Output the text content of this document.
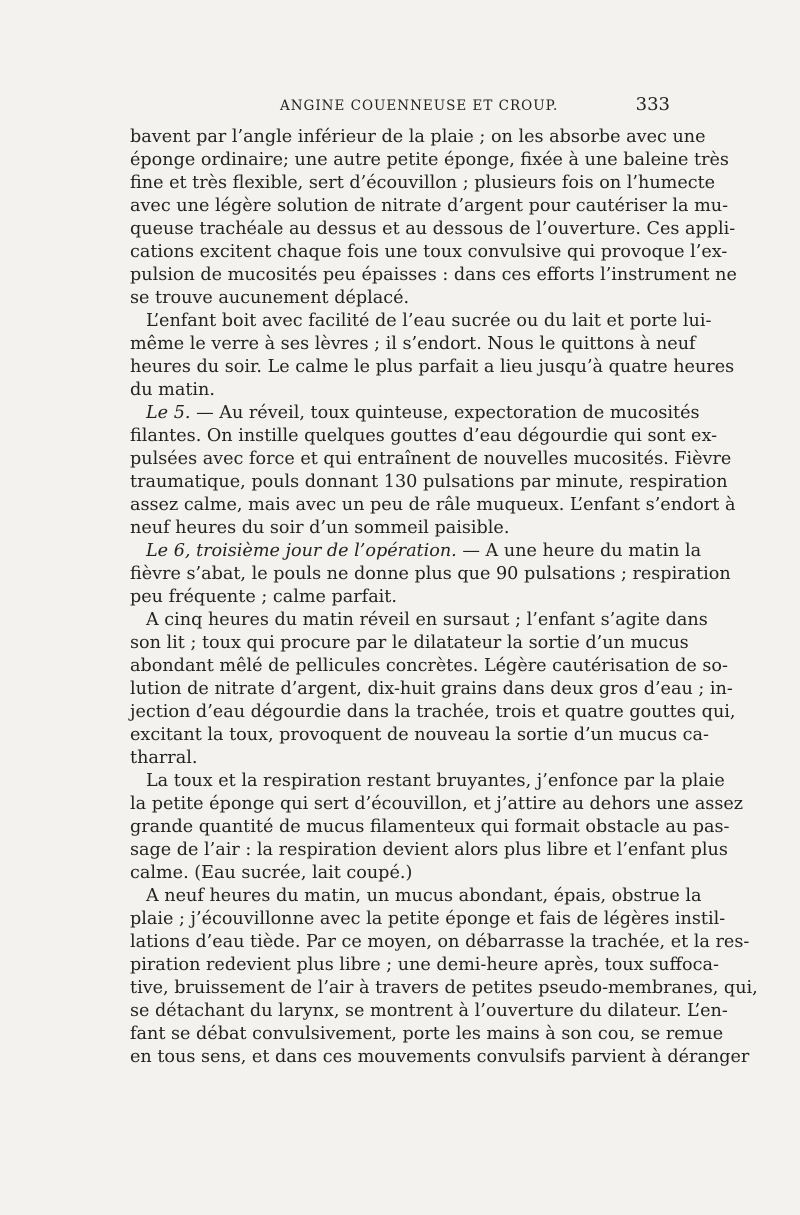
ANGINE COUENNEUSE ET CROUP.	333
bavent par l’angle inférieur de la plaie ; on les absorbe avec une
éponge ordinaire; une autre petite éponge, fixée à une baleine très
fine et très flexible, sert d’écouvillon ; plusieurs fois on l’humecte
avec une légère solution de nitrate d’argent pour cautériser la mu-
queuse trachéale au dessus et au dessous de l’ouverture. Ces appli-
cations excitent chaque fois une toux convulsive qui provoque l’ex-
pulsion de mucosités peu épaisses : dans ces efforts l’instrument ne
se trouve aucunement déplacé.
L’enfant boit avec facilité de l’eau sucrée ou du lait et porte lui-
même le verre à ses lèvres ; il s’endort. Nous le quittons à neuf
heures du soir. Le calme le plus parfait a lieu jusqu’à quatre heures
du matin.
Le 5. — Au réveil, toux quinteuse, expectoration de mucosités
filantes. On instille quelques gouttes d’eau dégourdie qui sont ex-
pulsées avec force et qui entraînent de nouvelles mucosités. Fièvre
traumatique, pouls donnant 130 pulsations par minute, respiration
assez calme, mais avec un peu de râle muqueux. L’enfant s’endort à
neuf heures du soir d’un sommeil paisible.
Le 6, troisième jour de l’opération. — A une heure du matin la
fièvre s’abat, le pouls ne donne plus que 90 pulsations ; respiration
peu fréquente ; calme parfait.
A cinq heures du matin réveil en sursaut ; l’enfant s’agite dans
son lit ; toux qui procure par le dilatateur la sortie d’un mucus
abondant mêlé de pellicules concrètes. Légère cautérisation de so-
lution de nitrate d’argent, dix-huit grains dans deux gros d’eau ; in-
jection d’eau dégourdie dans la trachée, trois et quatre gouttes qui,
excitant la toux, provoquent de nouveau la sortie d’un mucus ca-
tharral.
La toux et la respiration restant bruyantes, j’enfonce par la plaie
la petite éponge qui sert d’écouvillon, et j’attire au dehors une assez
grande quantité de mucus filamenteux qui formait obstacle au pas-
sage de l’air : la respiration devient alors plus libre et l’enfant plus
calme. (Eau sucrée, lait coupé.)
A neuf heures du matin, un mucus abondant, épais, obstrue la
plaie ; j’écouvillonne avec la petite éponge et fais de légères instil-
lations d’eau tiède. Par ce moyen, on débarrasse la trachée, et la res-
piration redevient plus libre ; une demi-heure après, toux suffoca-
tive, bruissement de l’air à travers de petites pseudo-membranes, qui,
se détachant du larynx, se montrent à l’ouverture du dilateur. L’en-
fant se débat convulsivement, porte les mains à son cou, se remue
en tous sens, et dans ces mouvements convulsifs parvient à déranger
